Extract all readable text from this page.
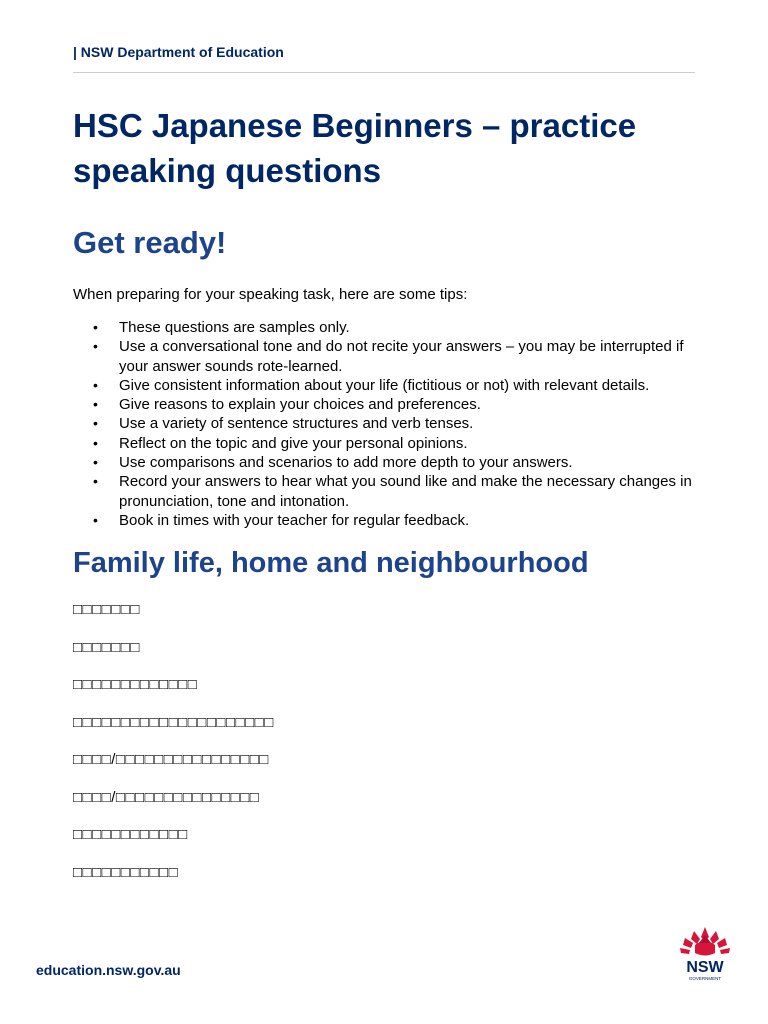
| NSW Department of Education
HSC Japanese Beginners – practice speaking questions
Get ready!

When preparing for your speaking task, here are some tips:

• These questions are samples only.
• Use a conversational tone and do not recite your answers – you may be interrupted if your answer sounds rote-learned.
• Give consistent information about your life (fictitious or not) with relevant details.
• Give reasons to explain your choices and preferences.
• Use a variety of sentence structures and verb tenses.
• Reflect on the topic and give your personal opinions.
• Use comparisons and scenarios to add more depth to your answers.
• Record your answers to hear what you sound like and make the necessary changes in pronunciation, tone and intonation.
• Book in times with your teacher for regular feedback.
Family life, home and neighbourhood
□□□□□□□
□□□□□□□
□□□□□□□□□□□□□
□□□□□□□□□□□□□□□□□□□□□
□□□□/□□□□□□□□□□□□□□□□
□□□□/□□□□□□□□□□□□□□□
□□□□□□□□□□□□
□□□□□□□□□□□
education.nsw.gov.au	NSW
GOVERNMENT
